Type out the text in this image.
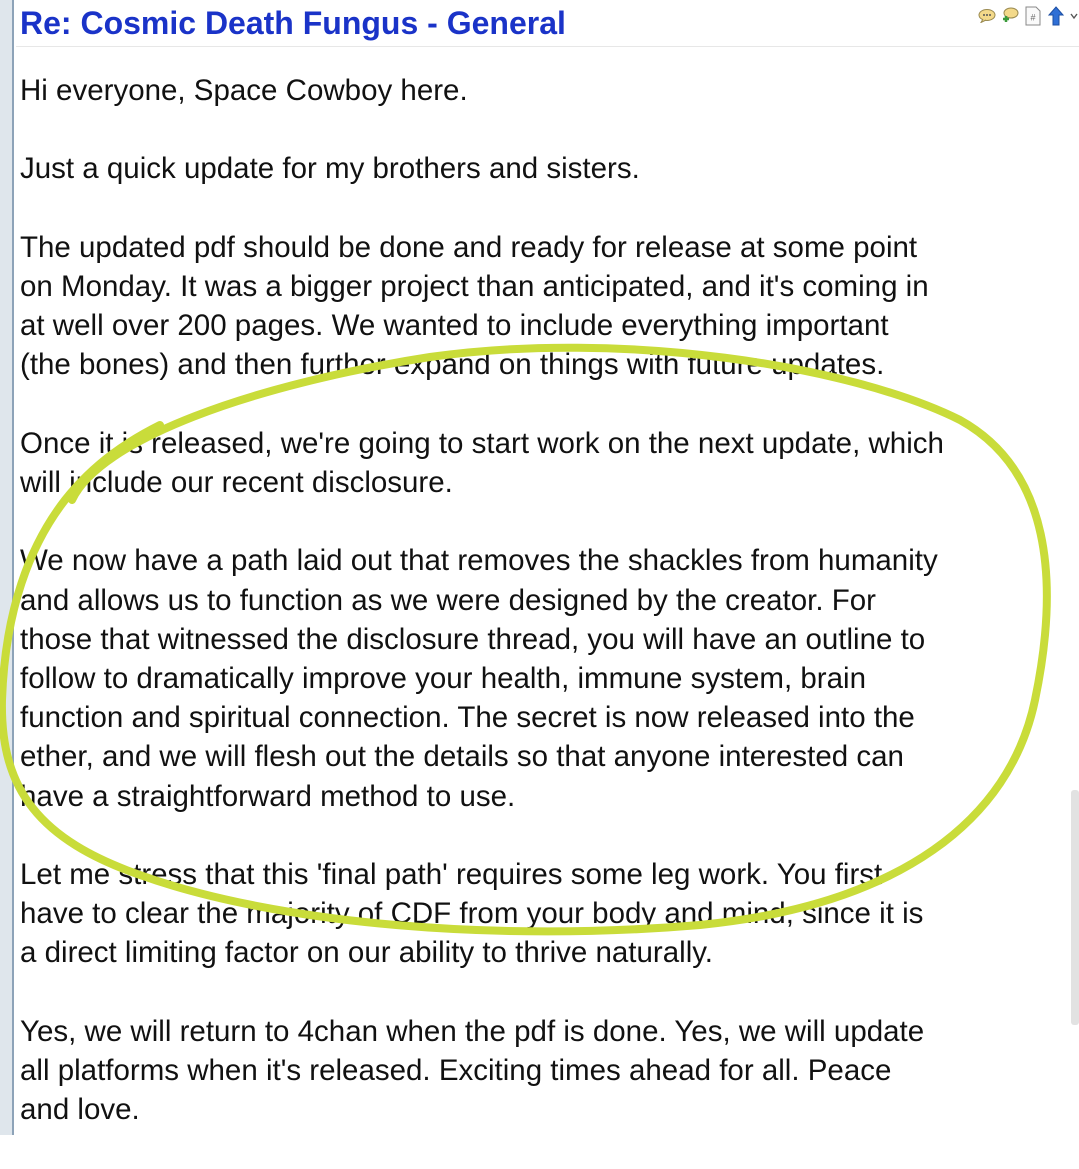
Re: Cosmic Death Fungus - General	#

Hi everyone, Space Cowboy here.

Just a quick update for my brothers and sisters.

The updated pdf should be done and ready for release at some point
on Monday. It was a bigger project than anticipated, and it's coming in
at well over 200 pages. We wanted to include everything important
(the bones) and then further expand on things with future updates.

Once it is released, we're going to start work on the next update, which
will include our recent disclosure.

We now have a path laid out that removes the shackles from humanity
and allows us to function as we were designed by the creator. For
those that witnessed the disclosure thread, you will have an outline to
follow to dramatically improve your health, immune system, brain
function and spiritual connection. The secret is now released into the
ether, and we will flesh out the details so that anyone interested can
have a straightforward method to use.

Let me stress that this 'final path' requires some leg work. You first
have to clear the majority of CDF from your body and mind, since it is
a direct limiting factor on our ability to thrive naturally.

Yes, we will return to 4chan when the pdf is done. Yes, we will update
all platforms when it's released. Exciting times ahead for all. Peace
and love.
